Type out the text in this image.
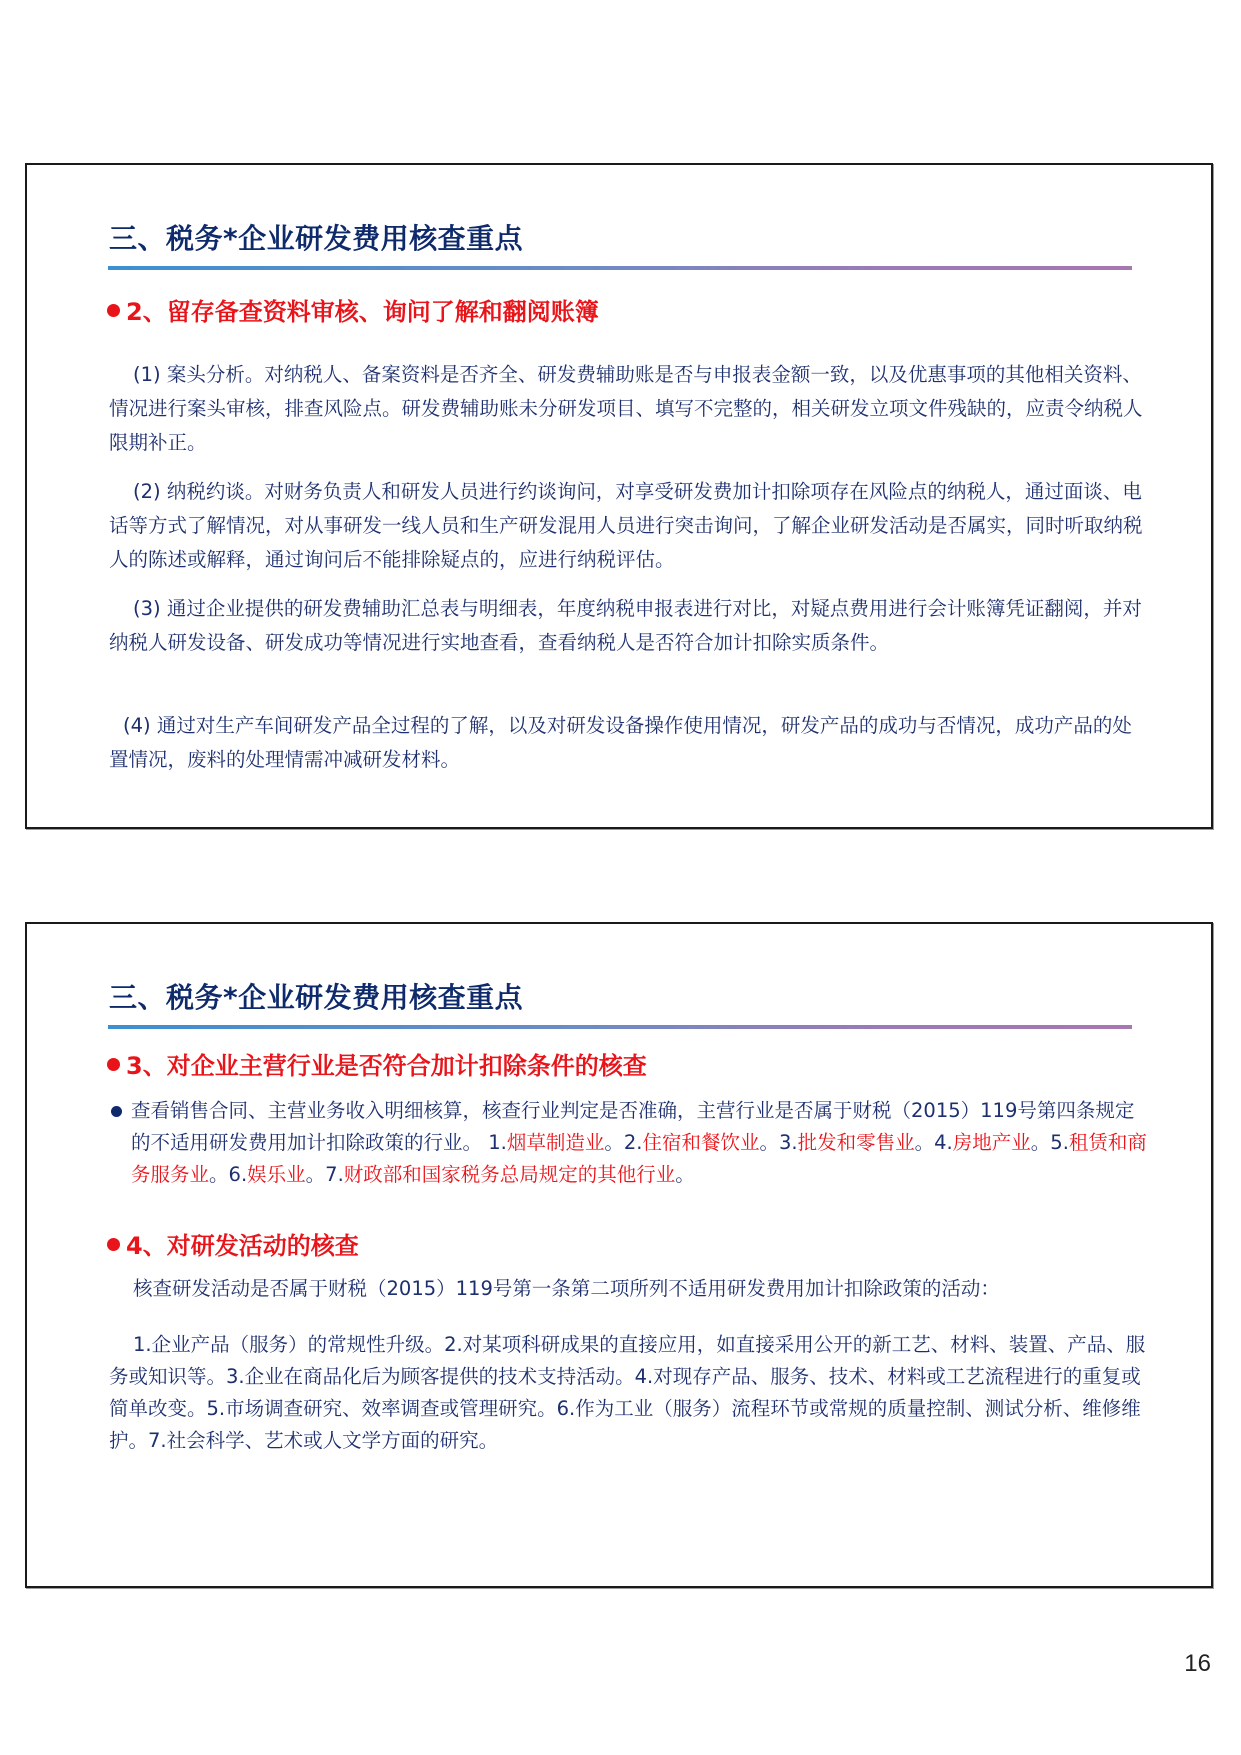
三、税务*企业研发费用核查重点
2、留存备查资料审核、询问了解和翻阅账簿
(1) 案头分析。对纳税人、备案资料是否齐全、研发费辅助账是否与申报表金额一致，以及优惠事项的其他相关资料、情况进行案头审核，排查风险点。研发费辅助账未分研发项目、填写不完整的，相关研发立项文件残缺的，应责令纳税人限期补正。
(2) 纳税约谈。对财务负责人和研发人员进行约谈询问，对享受研发费加计扣除项存在风险点的纳税人，通过面谈、电话等方式了解情况，对从事研发一线人员和生产研发混用人员进行突击询问，了解企业研发活动是否属实，同时听取纳税人的陈述或解释，通过询问后不能排除疑点的，应进行纳税评估。
(3) 通过企业提供的研发费辅助汇总表与明细表，年度纳税申报表进行对比，对疑点费用进行会计账簿凭证翻阅，并对纳税人研发设备、研发成功等情况进行实地查看，查看纳税人是否符合加计扣除实质条件。
(4) 通过对生产车间研发产品全过程的了解，以及对研发设备操作使用情况，研发产品的成功与否情况，成功产品的处置情况，废料的处理情需冲减研发材料。
三、税务*企业研发费用核查重点
3、对企业主营行业是否符合加计扣除条件的核查
查看销售合同、主营业务收入明细核算，核查行业判定是否准确，主营行业是否属于财税（2015）119号第四条规定的不适用研发费用加计扣除政策的行业。 1.烟草制造业。2.住宿和餐饮业。3.批发和零售业。4.房地产业。5.租赁和商务服务业。6.娱乐业。7.财政部和国家税务总局规定的其他行业。
4、对研发活动的核查
核查研发活动是否属于财税（2015）119号第一条第二项所列不适用研发费用加计扣除政策的活动：
1.企业产品（服务）的常规性升级。2.对某项科研成果的直接应用，如直接采用公开的新工艺、材料、装置、产品、服务或知识等。3.企业在商品化后为顾客提供的技术支持活动。4.对现存产品、服务、技术、材料或工艺流程进行的重复或简单改变。5.市场调查研究、效率调查或管理研究。6.作为工业（服务）流程环节或常规的质量控制、测试分析、维修维护。7.社会科学、艺术或人文学方面的研究。
16
